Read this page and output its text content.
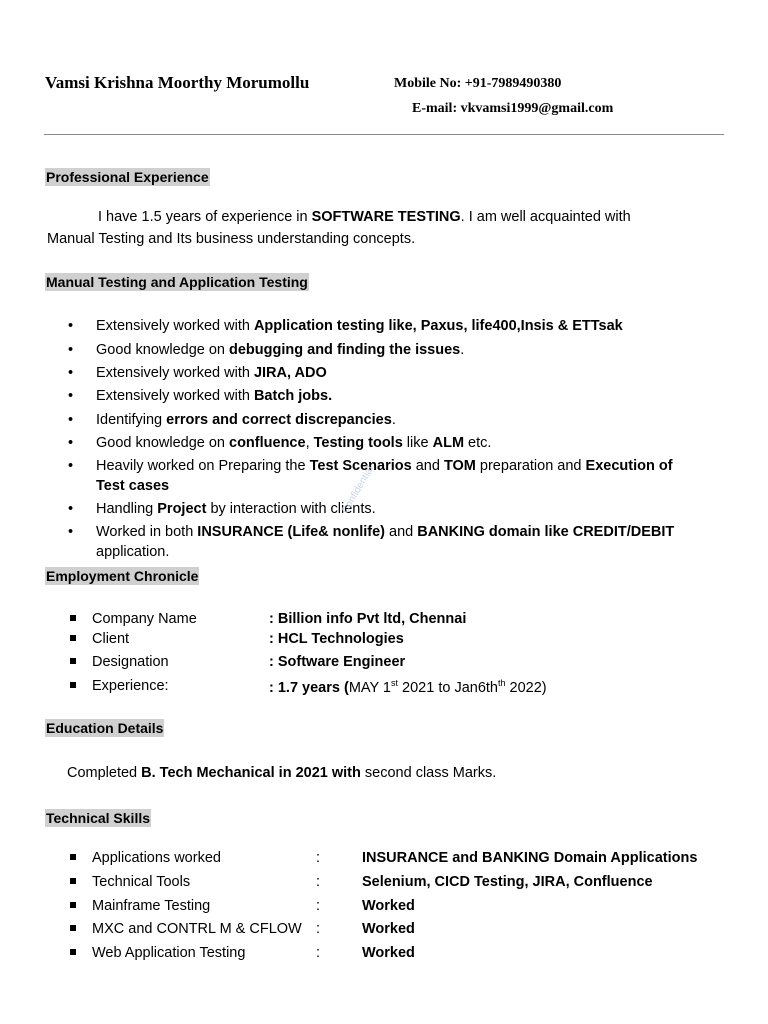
Vamsi Krishna Moorthy Morumollu	Mobile No: +91-7989490380
E-mail: vkvamsi1999@gmail.com
Professional Experience
I have 1.5 years of experience in SOFTWARE TESTING. I am well acquainted with
Manual Testing and Its business understanding concepts.
Manual Testing and Application Testing
• Extensively worked with Application testing like, Paxus, life400,Insis & ETTsak
• Good knowledge on debugging and finding the issues.
• Extensively worked with JIRA, ADO
• Extensively worked with Batch jobs.
• Identifying errors and correct discrepancies.
• Good knowledge on confluence, Testing tools like ALM etc.
• Heavily worked on Preparing the Test Scenarios and TOM preparation and Execution of
Test cases
• Handling Project by interaction with clients.
• Worked in both INSURANCE (Life& nonlife) and BANKING domain like CREDIT/DEBIT
application.
Confidential
Employment Chronicle
Company Name	: Billion info Pvt ltd, Chennai
Client	: HCL Technologies
Designation	: Software Engineer
Experience:	: 1.7 years (MAY 1st 2021 to $Jan6th^{th}$ 2022)
Education Details
Completed B. Tech Mechanical in 2021 with second class Marks.
Technical Skills
Applications worked	:	INSURANCE and BANKING Domain Applications
Technical Tools	:	Selenium, CICD Testing, JIRA, Confluence
Mainframe Testing	:	Worked
MXC and CONTRL M & CFLOW :	Worked
Web Application Testing	:	Worked
